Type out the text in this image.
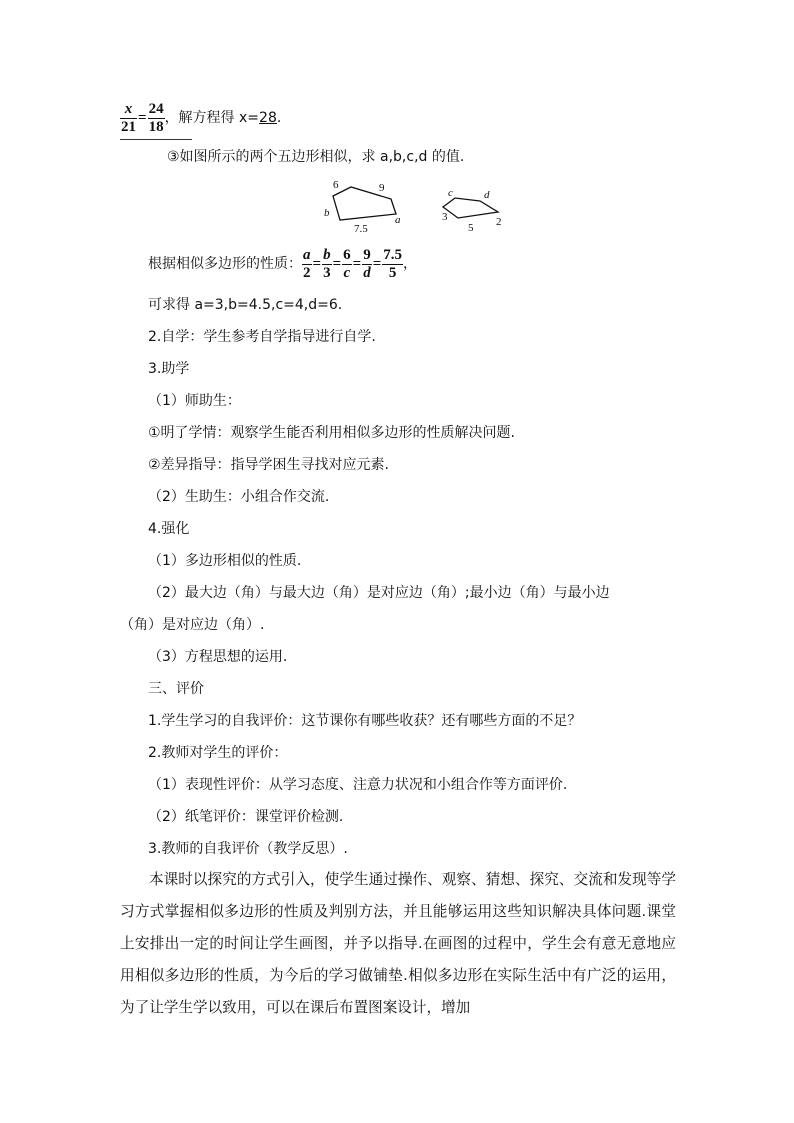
$\frac{x}{21} = \frac{24}{18}$ ，解方程得 x=28.
③如图所示的两个五边形相似，求 a,b,c,d 的值.
6	9
b
7.5
a
c	d
3
5 2
根据相似多边形的性质： $\frac{a}{2} = \frac{b}{3} = \frac{6}{c} = \frac{9}{d} = \frac{7.5}{5}$ ，
可求得 a=3,b=4.5,c=4,d=6.
2.自学：学生参考自学指导进行自学.
3.助学
（1）师助生：
①明了学情：观察学生能否利用相似多边形的性质解决问题.
②差异指导：指导学困生寻找对应元素.
（2）生助生：小组合作交流.
4.强化
（1）多边形相似的性质.
（2）最大边（角）与最大边（角）是对应边（角）;最小边（角）与最小边
（角）是对应边（角）.
（3）方程思想的运用.
三、评价
1.学生学习的自我评价：这节课你有哪些收获？还有哪些方面的不足？
2.教师对学生的评价：
（1）表现性评价：从学习态度、注意力状况和小组合作等方面评价.
（2）纸笔评价：课堂评价检测.
3.教师的自我评价（教学反思）.
本课时以探究的方式引入，使学生通过操作、观察、猜想、探究、交流和发现等学习方式掌握相似多边形的性质及判别方法，并且能够运用这些知识解决具体问题.课堂上安排出一定的时间让学生画图，并予以指导.在画图的过程中，学生会有意无意地应用相似多边形的性质，为今后的学习做铺垫.相似多边形在实际生活中有广泛的运用，为了让学生学以致用，可以在课后布置图案设计，增加
